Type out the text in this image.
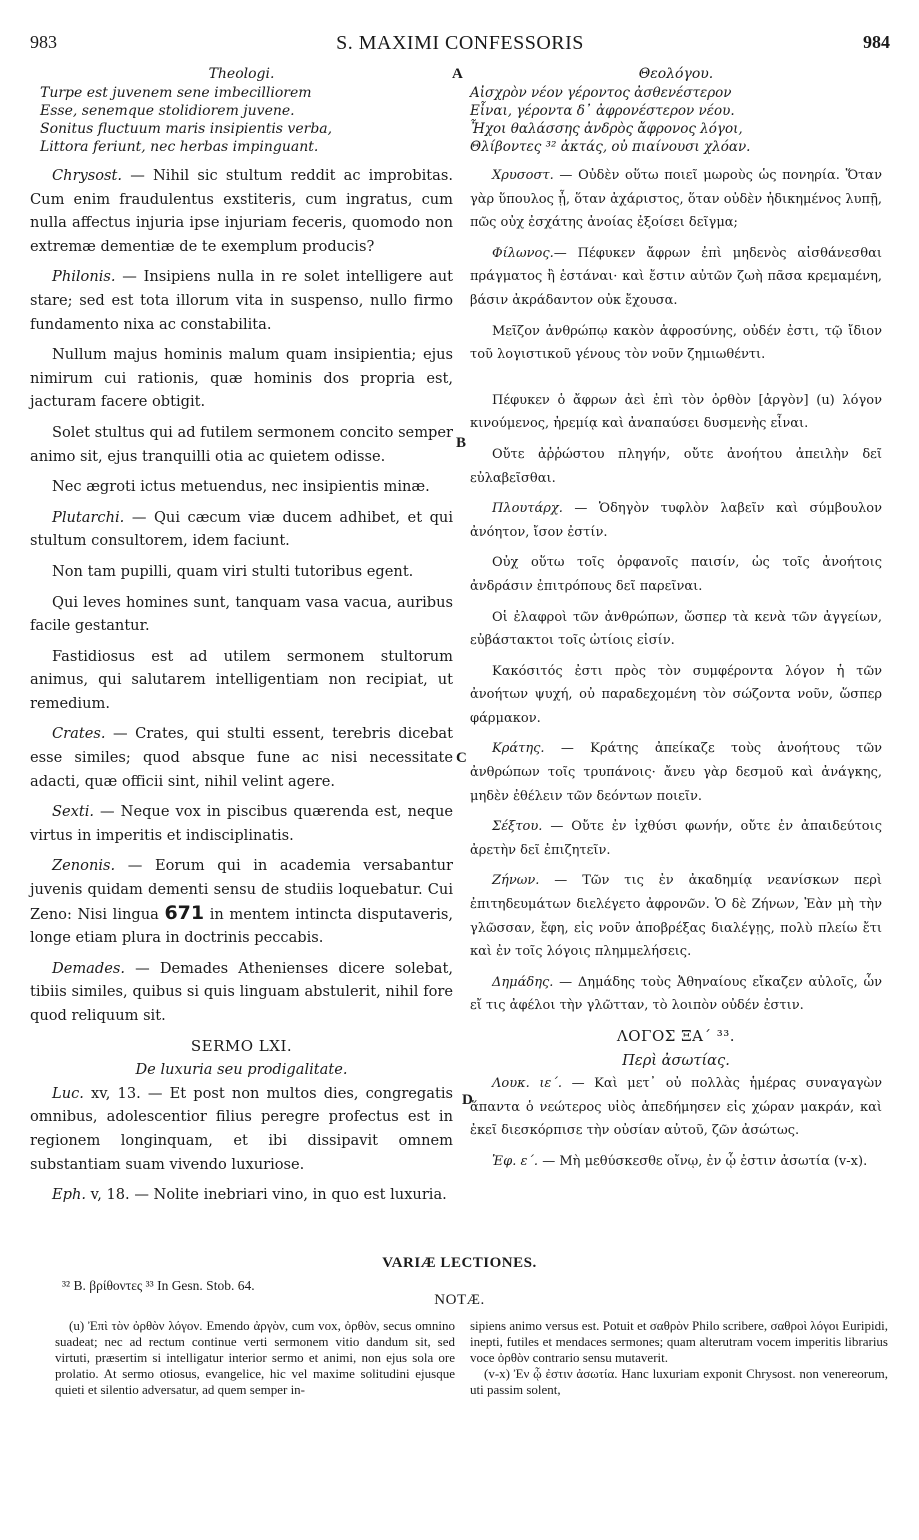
983	S. MAXIMI CONFESSORIS	984
A
B
C
D

Theologi.

Turpe est juvenem sene imbecilliorem

Esse, senemque stolidiorem juvene.

Sonitus fluctuum maris insipientis verba,

Littora feriunt, nec herbas impinguant.

Chrysost. — Nihil sic stultum reddit ac improbitas. Cum enim fraudulentus exstiteris, cum ingratus, cum nulla affectus injuria ipse injuriam feceris, quomodo non extremæ dementiæ de te exemplum producis?

Philonis. — Insipiens nulla in re solet intelligere aut stare; sed est tota illorum vita in suspenso, nullo firmo fundamento nixa ac constabilita.

Nullum majus hominis malum quam insipientia; ejus nimirum cui rationis, quæ hominis dos propria est, jacturam facere obtigit.

Solet stultus qui ad futilem sermonem concito semper animo sit, ejus tranquilli otia ac quietem odisse.

Nec ægroti ictus metuendus, nec insipientis minæ.

Plutarchi. — Qui cæcum viæ ducem adhibet, et qui stultum consultorem, idem faciunt.

Non tam pupilli, quam viri stulti tutoribus egent.

Qui leves homines sunt, tanquam vasa vacua, auribus facile gestantur.

Fastidiosus est ad utilem sermonem stultorum animus, qui salutarem intelligentiam non recipiat, ut remedium.

Crates. — Crates, qui stulti essent, terebris dicebat esse similes; quod absque fune ac nisi necessitate adacti, quæ officii sint, nihil velint agere.

Sexti. — Neque vox in piscibus quærenda est, neque virtus in imperitis et indisciplinatis.

Zenonis. — Eorum qui in academia versabantur juvenis quidam dementi sensu de studiis loquebatur. Cui Zeno: Nisi lingua 671 in mentem intincta disputaveris, longe etiam plura in doctrinis peccabis.

Demades. — Demades Athenienses dicere solebat, tibiis similes, quibus si quis linguam abstulerit, nihil fore quod reliquum sit.

SERMO LXI.

De luxuria seu prodigalitate.

Luc. xv, 13. — Et post non multos dies, congregatis omnibus, adolescentior filius peregre profectus est in regionem longinquam, et ibi dissipavit omnem substantiam suam vivendo luxuriose.

Eph. v, 18. — Nolite inebriari vino, in quo est luxuria.

Θεολόγου.

Αἰσχρὸν νέον γέροντος ἀσθενέστερον

Εἶναι, γέροντα δ᾽ ἀφρονέστερον νέου.

Ἦχοι θαλάσσης ἀνδρὸς ἄφρονος λόγοι,

Θλίβοντες ³² ἀκτάς, οὐ πιαίνουσι χλόαν.

Χρυσοστ. — Οὐδὲν οὕτω ποιεῖ μωροὺς ὡς πονηρία. Ὅταν γὰρ ὕπουλος ᾖ, ὅταν ἀχάριστος, ὅταν οὐδὲν ἠδικημένος λυπῇ, πῶς οὐχ ἐσχάτης ἀνοίας ἐξοίσει δεῖγμα;

Φίλωνος.— Πέφυκεν ἄφρων ἐπὶ μηδενὸς αἰσθάνεσθαι πράγματος ἢ ἑστάναι· καὶ ἔστιν αὐτῶν ζωὴ πᾶσα κρεμαμένη, βάσιν ἀκράδαντον οὐκ ἔχουσα.

Μεῖζον ἀνθρώπῳ κακὸν ἀφροσύνης, οὐδέν ἐστι, τῷ ἴδιον τοῦ λογιστικοῦ γένους τὸν νοῦν ζημιωθέντι.

Πέφυκεν ὁ ἄφρων ἀεὶ ἐπὶ τὸν ὀρθὸν [ἀργὸν] (u) λόγον κινούμενος, ἠρεμίᾳ καὶ ἀναπαύσει δυσμενὴς εἶναι.

Οὔτε ἀῤῥώστου πληγήν, οὔτε ἀνοήτου ἀπειλὴν δεῖ εὐλαβεῖσθαι.

Πλουτάρχ. — Ὁδηγὸν τυφλὸν λαβεῖν καὶ σύμβουλον ἀνόητον, ἴσον ἐστίν.

Οὐχ οὕτω τοῖς ὀρφανοῖς παισίν, ὡς τοῖς ἀνοήτοις ἀνδράσιν ἐπιτρόπους δεῖ παρεῖναι.

Οἱ ἐλαφροὶ τῶν ἀνθρώπων, ὥσπερ τὰ κενὰ τῶν ἀγγείων, εὐβάστακτοι τοῖς ὠτίοις εἰσίν.

Κακόσιτός ἐστι πρὸς τὸν συμφέροντα λόγον ἡ τῶν ἀνοήτων ψυχή, οὐ παραδεχομένη τὸν σώζοντα νοῦν, ὥσπερ φάρμακον.

Κράτης. — Κράτης ἀπείκαζε τοὺς ἀνοήτους τῶν ἀνθρώπων τοῖς τρυπάνοις· ἄνευ γὰρ δεσμοῦ καὶ ἀνάγκης, μηδὲν ἐθέλειν τῶν δεόντων ποιεῖν.

Σέξτου. — Οὔτε ἐν ἰχθύσι φωνήν, οὔτε ἐν ἀπαιδεύτοις ἀρετὴν δεῖ ἐπιζητεῖν.

Ζήνων. — Τῶν τις ἐν ἀκαδημίᾳ νεανίσκων περὶ ἐπιτηδευμάτων διελέγετο ἀφρονῶν. Ὁ δὲ Ζήνων, Ἐὰν μὴ τὴν γλῶσσαν, ἔφη, εἰς νοῦν ἀποβρέξας διαλέγῃς, πολὺ πλείω ἔτι καὶ ἐν τοῖς λόγοις πλημμελήσεις.

Δημάδης. — Δημάδης τοὺς Ἀθηναίους εἴκαζεν αὐλοῖς, ὧν εἴ τις ἀφέλοι τὴν γλῶτταν, τὸ λοιπὸν οὐδέν ἐστιν.

ΛΟΓΟΣ ΞΑ΄ ³³.

Περὶ ἀσωτίας.

Λουκ. ιε΄. — Καὶ μετ᾽ οὐ πολλὰς ἡμέρας συναγαγὼν ἅπαντα ὁ νεώτερος υἱὸς ἀπεδήμησεν εἰς χώραν μακράν, καὶ ἐκεῖ διεσκόρπισε τὴν οὐσίαν αὐτοῦ, ζῶν ἀσώτως.

Ἐφ. ε΄. — Μὴ μεθύσκεσθε οἴνῳ, ἐν ᾧ ἐστιν ἀσωτία (v-x).

VARIÆ LECTIONES.
³² B. βρίθοντες ³³ In Gesn. Stob. 64.
NOTÆ.
(u) Ἐπὶ τὸν ὀρθὸν λόγον. Emendo ἀργὸν, cum vox, ὀρθὸν, secus omnino suadeat; nec ad rectum continue verti sermonem vitio dandum sit, sed virtuti, præsertim si intelligatur interior sermo et animi, non ejus sola ore prolatio. At sermo otiosus, evangelice, hic vel maxime solitudini ejusque quieti et silentio adversatur, ad quem semper in-

sipiens animo versus est. Potuit et σαθρὸν Philo scribere, σαθροὶ λόγοι Euripidi, inepti, futiles et mendaces sermones; quam alterutram vocem imperitis librarius voce ὀρθὸν contrario sensu mutaverit.

(v-x) Ἐν ᾧ ἐστιν ἀσωτία. Hanc luxuriam exponit Chrysost. non venereorum, uti passim solent,
